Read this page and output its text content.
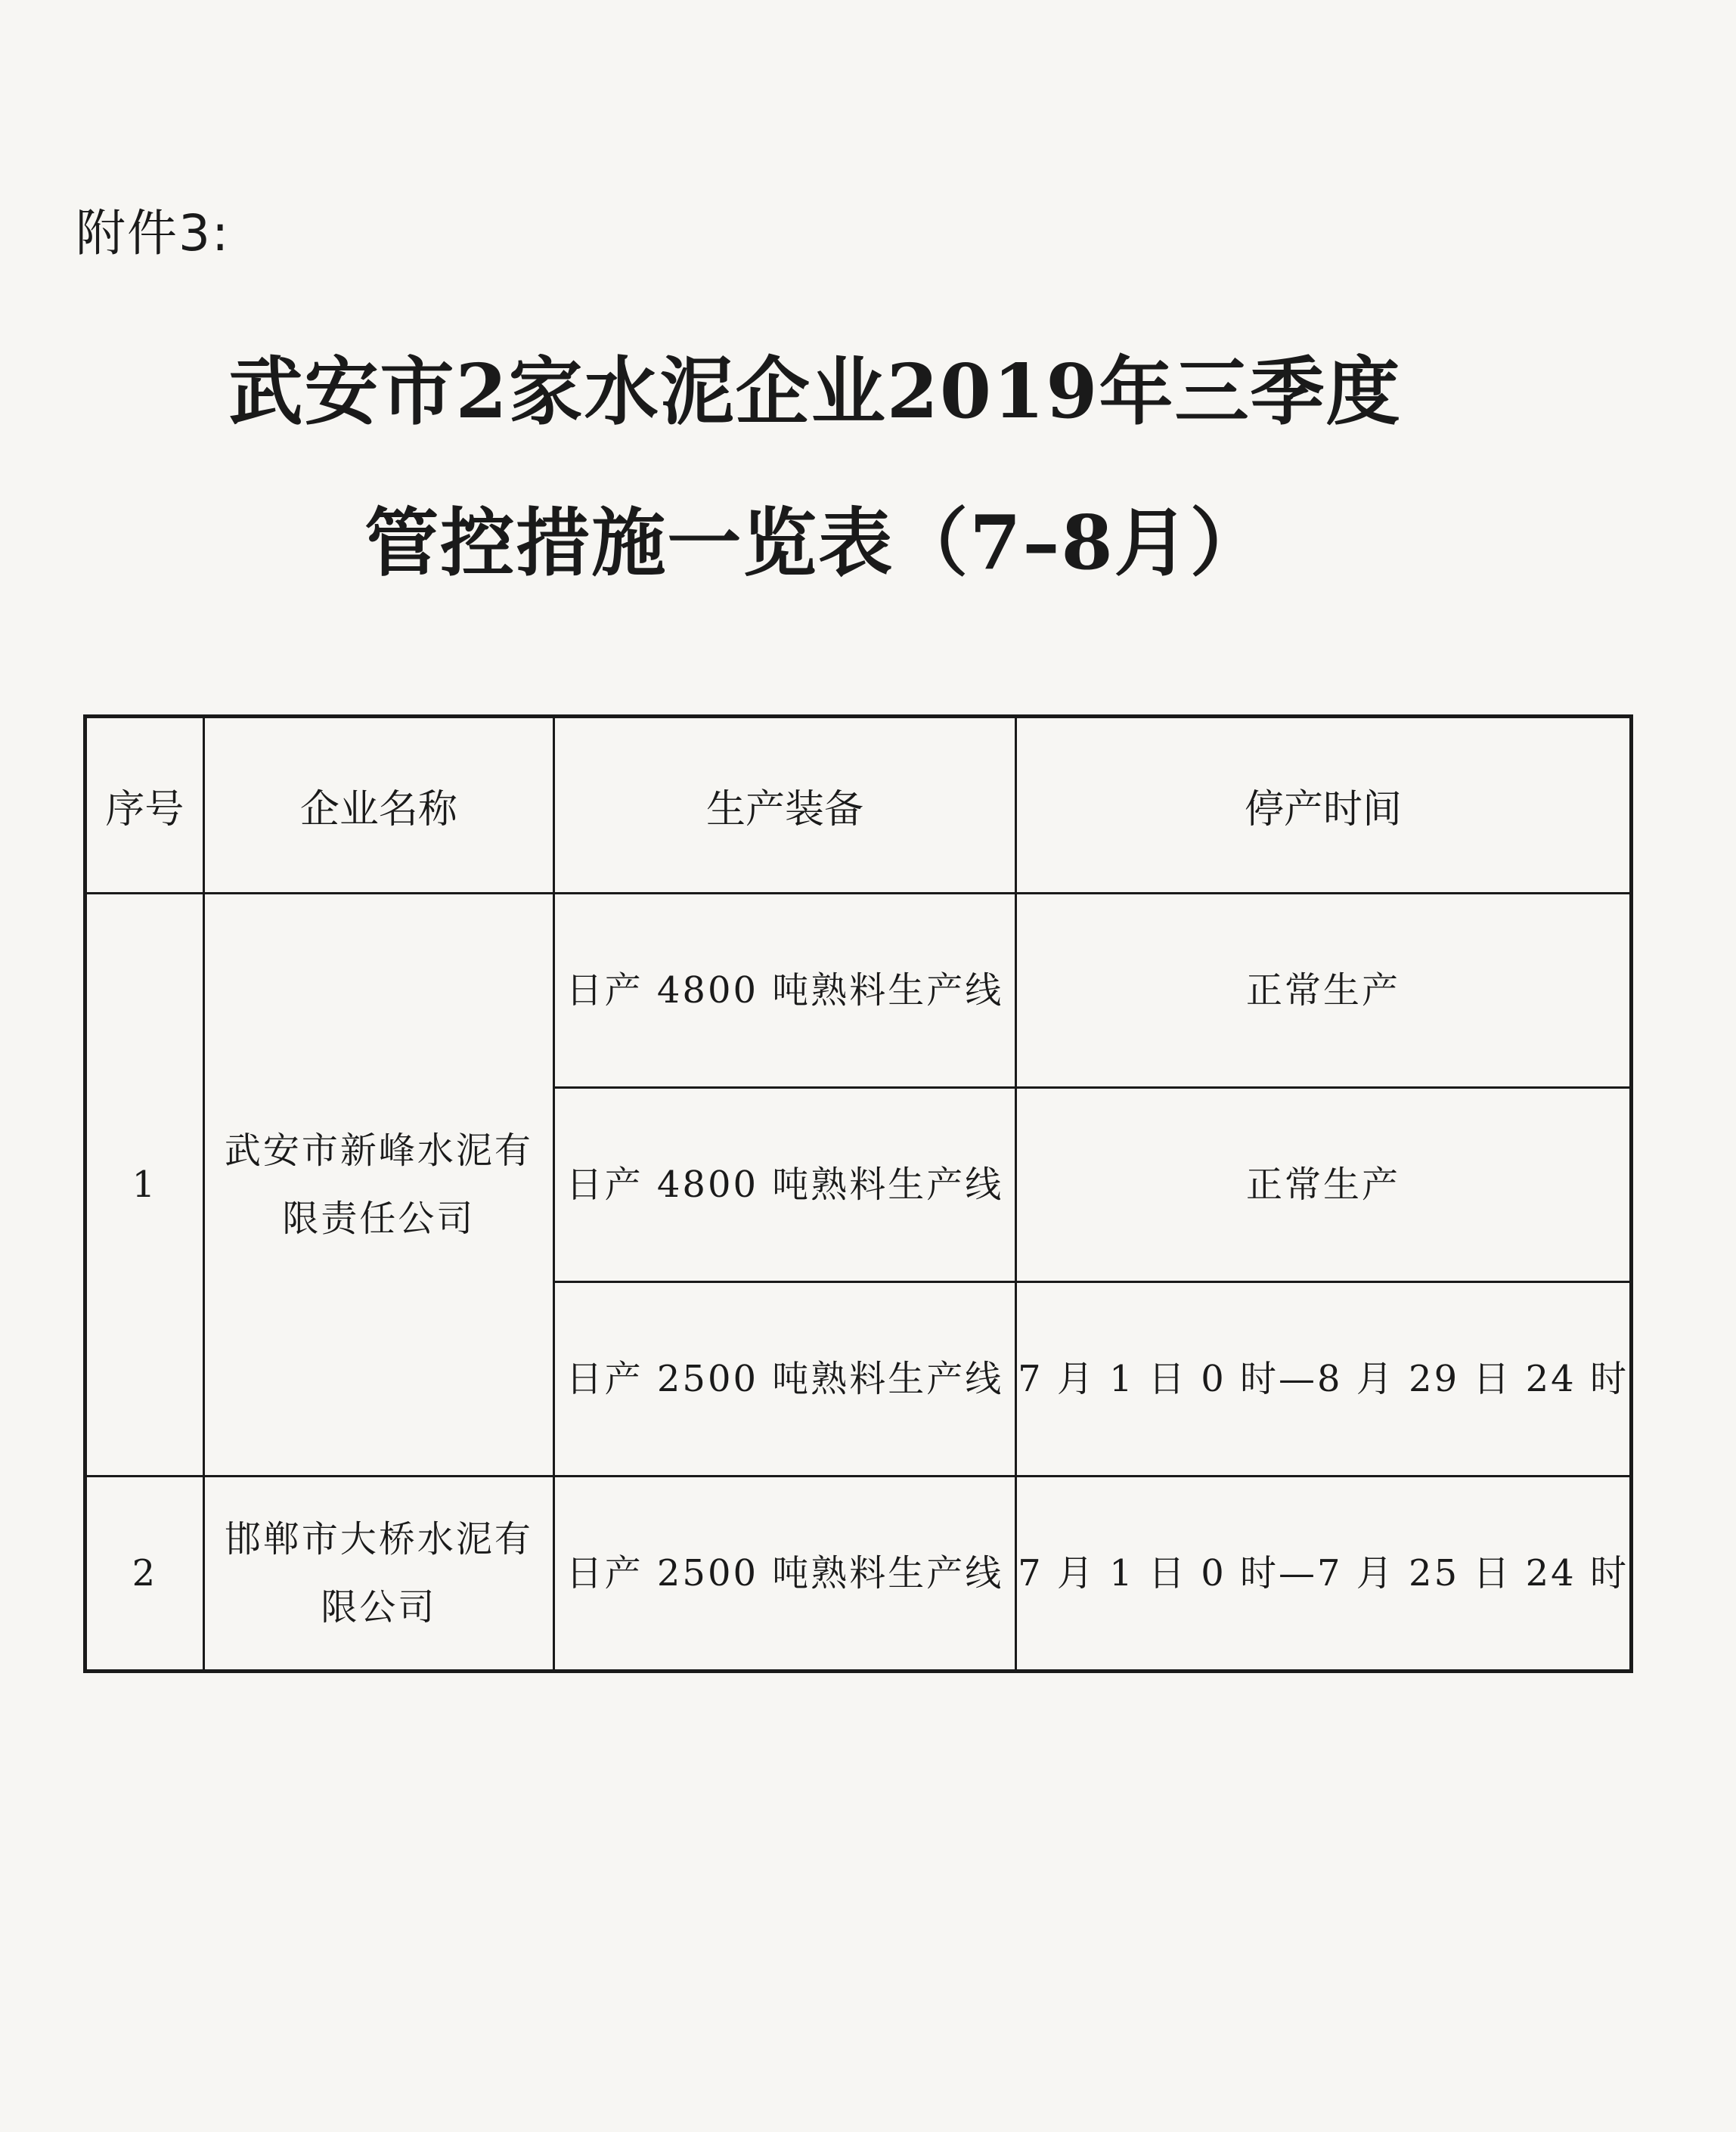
附件3:
武安市2家水泥企业2019年三季度
管控措施一览表（7–8月）
序号	企业名称	生产装备	停产时间
1	武安市新峰水泥有限责任公司	日产 4800 吨熟料生产线	正常生产
		日产 4800 吨熟料生产线	正常生产
		日产 2500 吨熟料生产线	7 月 1 日 0 时—8 月 29 日 24 时
2	邯郸市大桥水泥有限公司	日产 2500 吨熟料生产线	7 月 1 日 0 时—7 月 25 日 24 时
